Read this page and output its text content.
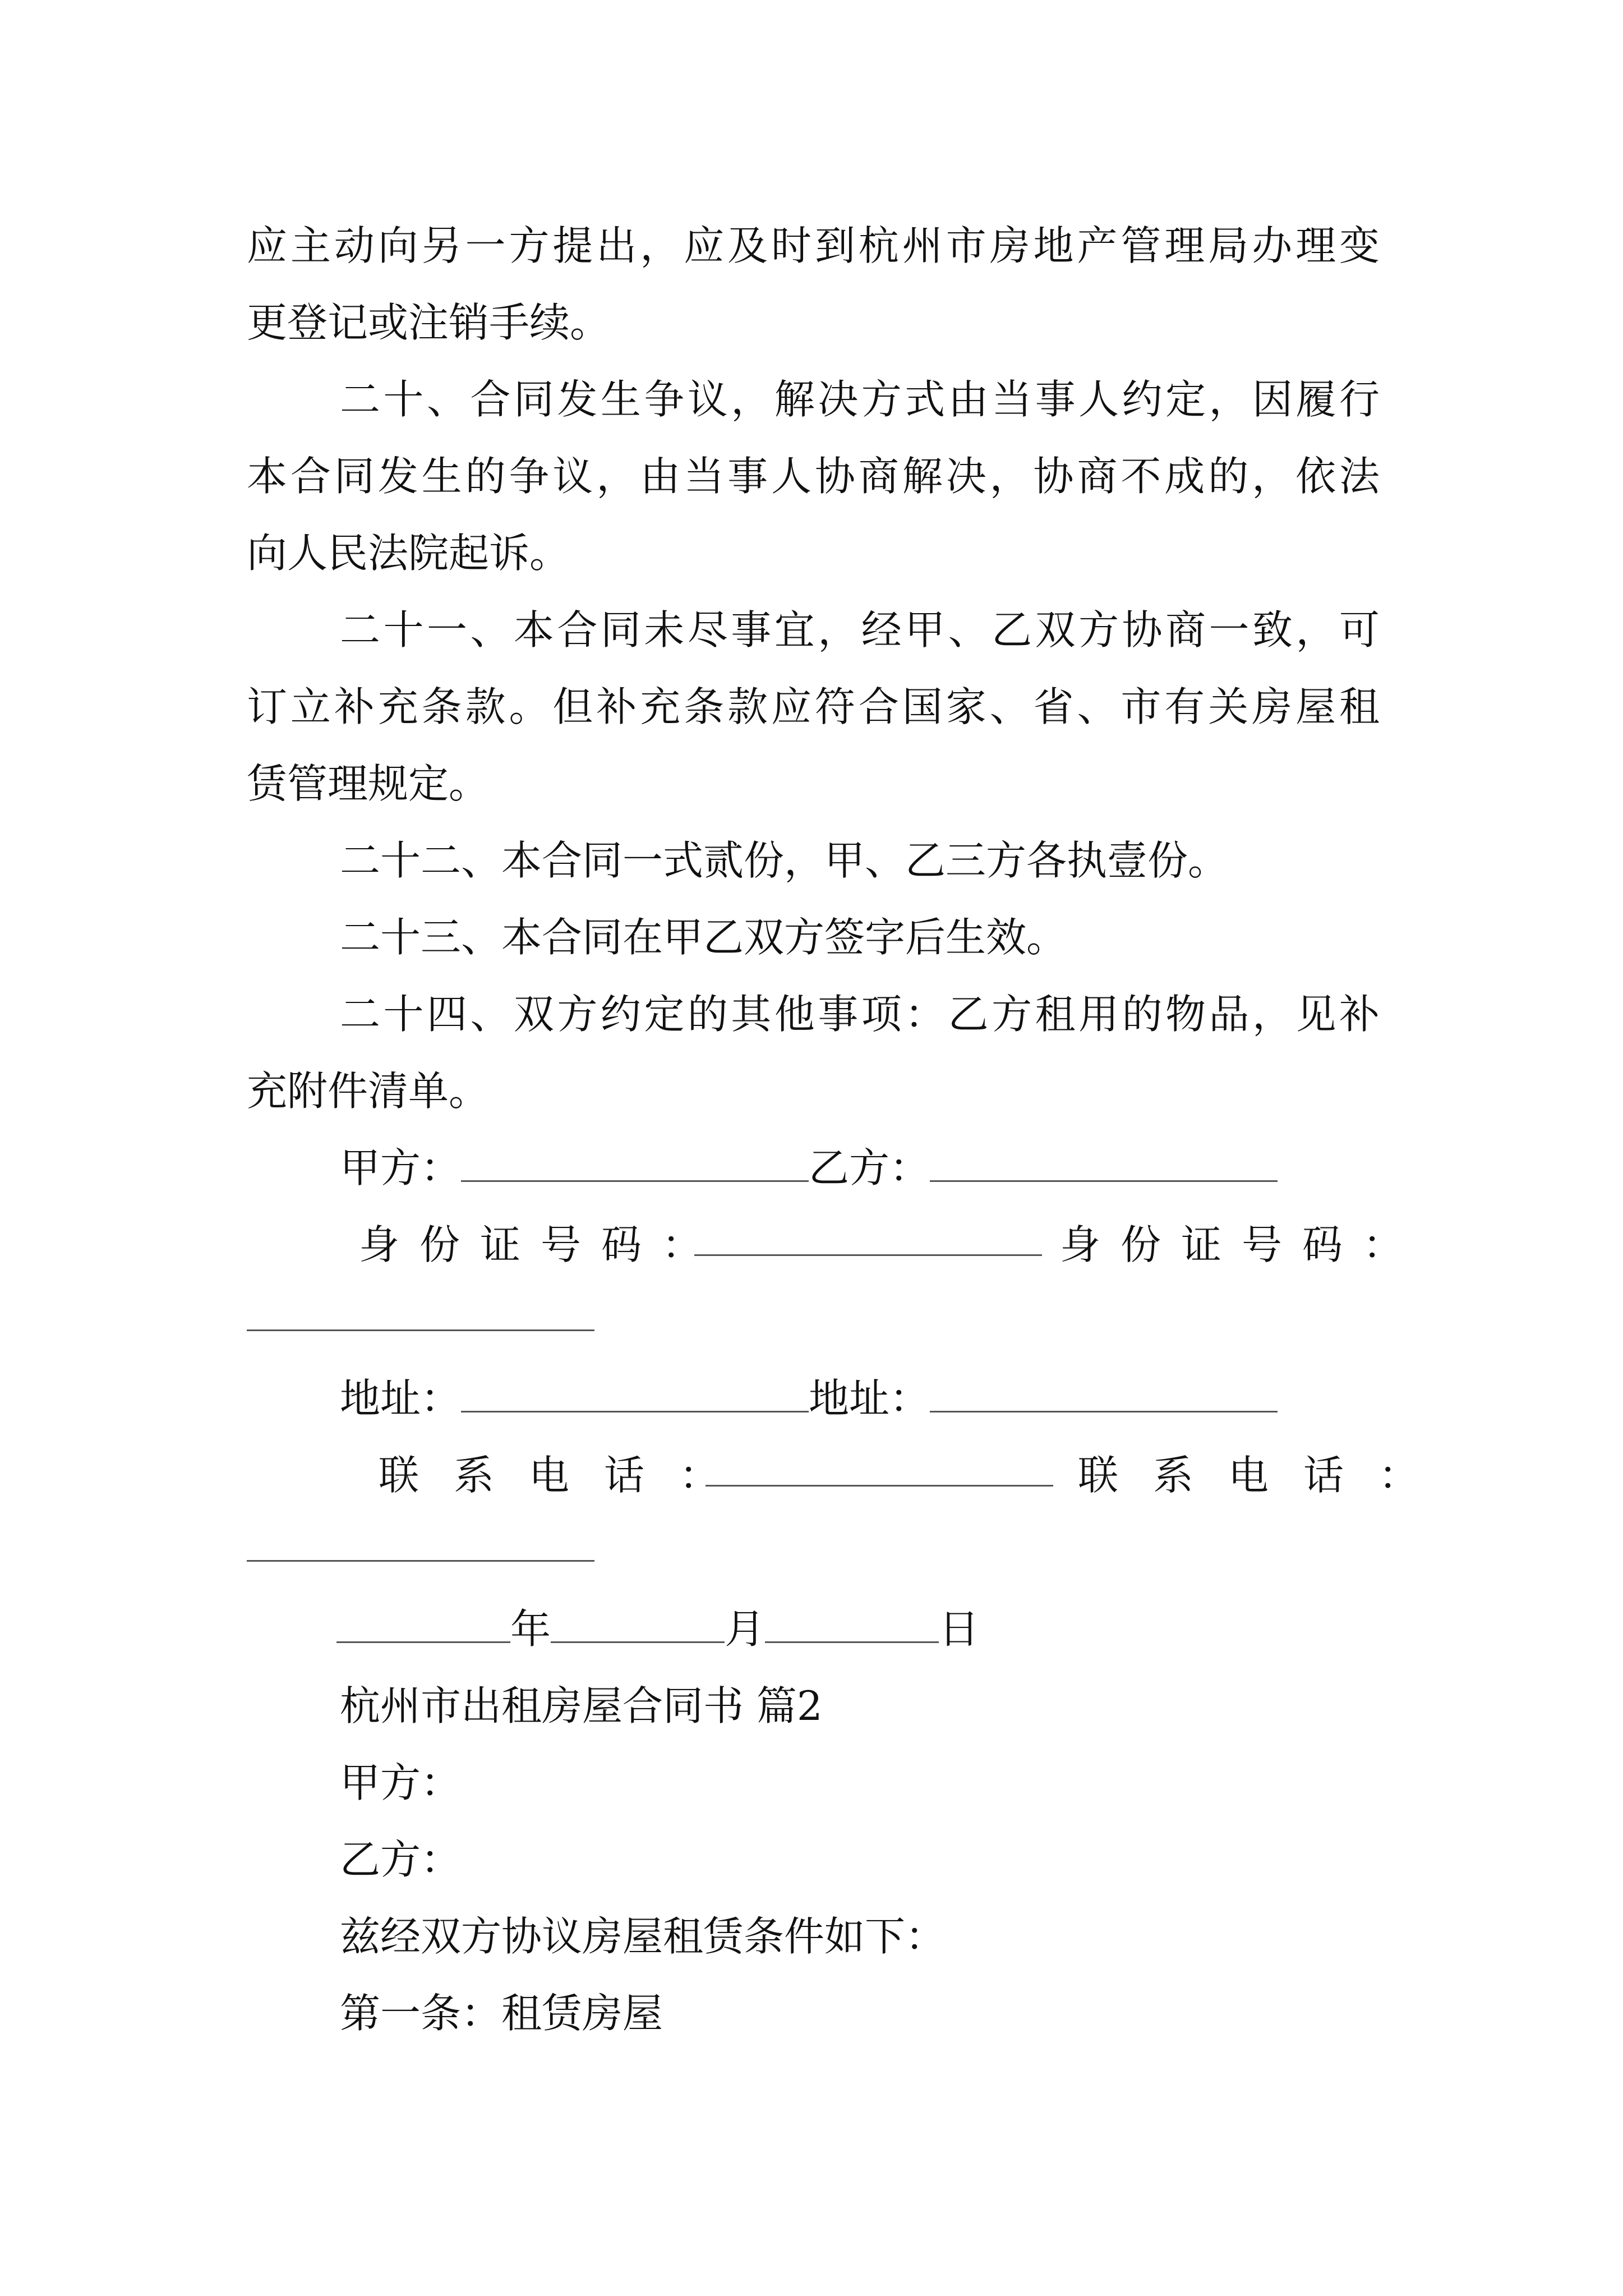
应主动向另一方提出，应及时到杭州市房地产管理局办理变
更登记或注销手续。
二十、合同发生争议，解决方式由当事人约定，因履行
本合同发生的争议，由当事人协商解决，协商不成的，依法
向人民法院起诉。
二十一、本合同未尽事宜，经甲、乙双方协商一致，可
订立补充条款。但补充条款应符合国家、省、市有关房屋租
赁管理规定。
二十二、本合同一式贰份，甲、乙三方各执壹份。
二十三、本合同在甲乙双方签字后生效。
二十四、双方约定的其他事项：乙方租用的物品，见补
充附件清单。
甲方：	乙方：
身份证号码：	身份证号码：
地址：	地址：
联系电话：	联系电话：
年	月	日
杭州市出租房屋合同书 篇2
甲方：
乙方：
兹经双方协议房屋租赁条件如下：
第一条：租赁房屋
